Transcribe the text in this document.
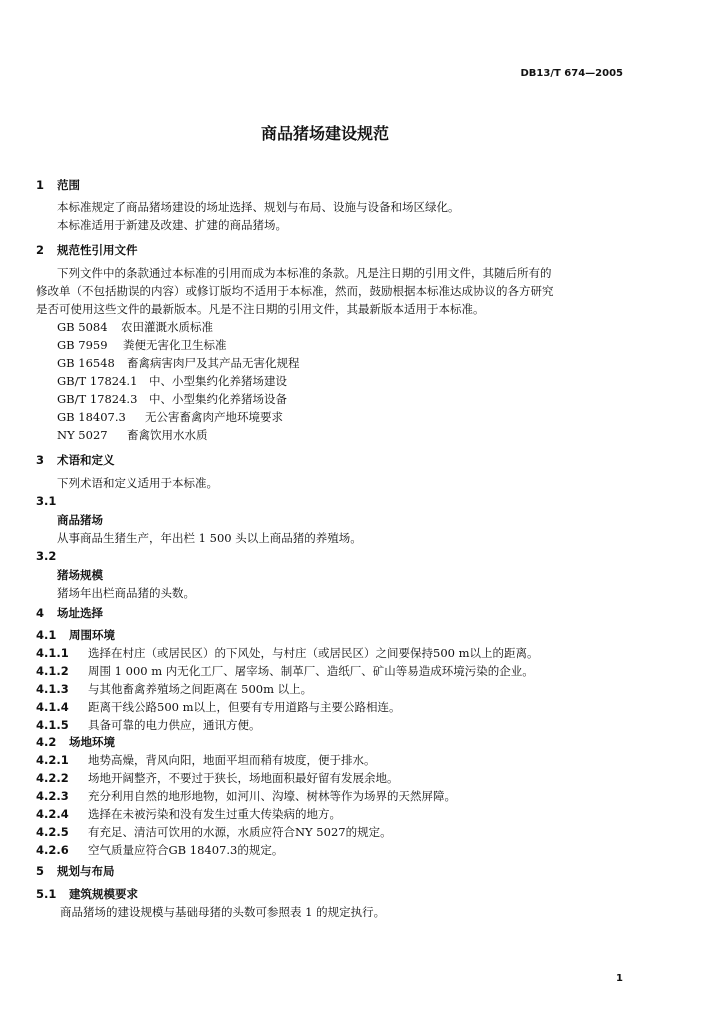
DB13/T 674—2005
商品猪场建设规范
1 范围
本标准规定了商品猪场建设的场址选择、规划与布局、设施与设备和场区绿化。
本标准适用于新建及改建、扩建的商品猪场。
2 规范性引用文件
下列文件中的条款通过本标准的引用而成为本标准的条款。凡是注日期的引用文件，其随后所有的
修改单（不包括勘误的内容）或修订版均不适用于本标准，然而，鼓励根据本标准达成协议的各方研究
是否可使用这些文件的最新版本。凡是不注日期的引用文件，其最新版本适用于本标准。
GB 5084 农田灌溉水质标准
GB 7959 粪便无害化卫生标准
GB 16548 畜禽病害肉尸及其产品无害化规程
GB/T 17824.1 中、小型集约化养猪场建设
GB/T 17824.3 中、小型集约化养猪场设备
GB 18407.3 无公害畜禽肉产地环境要求
NY 5027 畜禽饮用水水质
3 术语和定义
下列术语和定义适用于本标准。
3.1
商品猪场
从事商品生猪生产，年出栏 1 500 头以上商品猪的养殖场。
3.2
猪场规模
猪场年出栏商品猪的头数。
4 场址选择
4.1 周围环境
4.1.1 选择在村庄（或居民区）的下风处，与村庄（或居民区）之间要保持500 m以上的距离。
4.1.2 周围 1 000 m 内无化工厂、屠宰场、制革厂、造纸厂、矿山等易造成环境污染的企业。
4.1.3 与其他畜禽养殖场之间距离在 500m 以上。
4.1.4 距离干线公路500 m以上，但要有专用道路与主要公路相连。
4.1.5 具备可靠的电力供应，通讯方便。
4.2 场地环境
4.2.1 地势高燥，背风向阳，地面平坦而稍有坡度，便于排水。
4.2.2 场地开阔整齐，不要过于狭长，场地面积最好留有发展余地。
4.2.3 充分利用自然的地形地物，如河川、沟壕、树林等作为场界的天然屏障。
4.2.4 选择在未被污染和没有发生过重大传染病的地方。
4.2.5 有充足、清洁可饮用的水源，水质应符合NY 5027的规定。
4.2.6 空气质量应符合GB 18407.3的规定。
5 规划与布局
5.1 建筑规模要求
商品猪场的建设规模与基础母猪的头数可参照表 1 的规定执行。
1
